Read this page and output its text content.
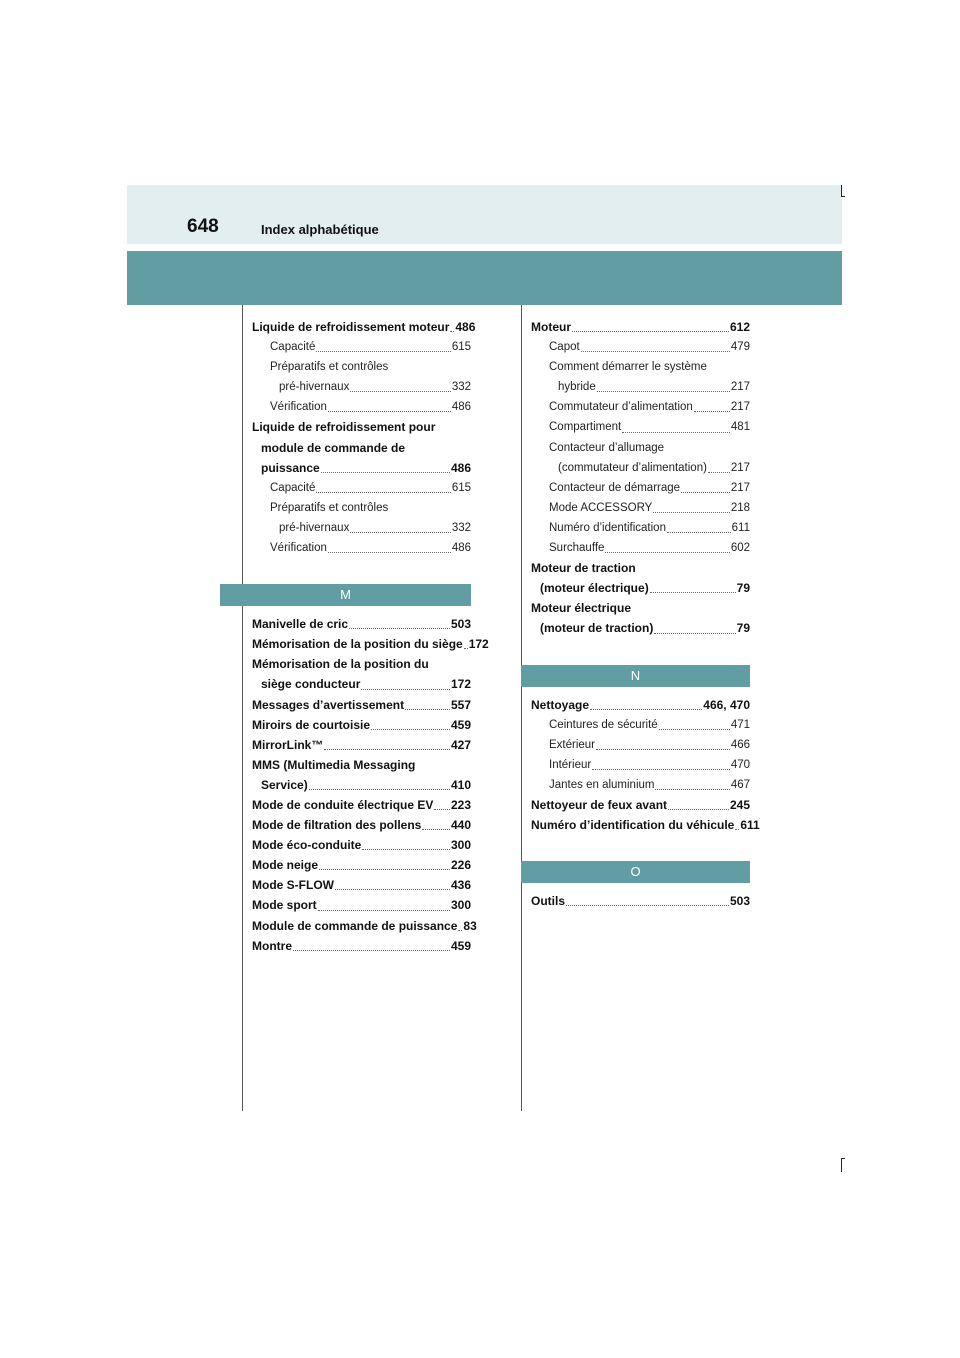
648	Index alphabétique
Liquide de refroidissement moteur 486
Capacité	615
Préparatifs et contrôles
pré-hivernaux	332
Vérification	486
Liquide de refroidissement pour
module de commande de
puissance	486
Capacité	615
Préparatifs et contrôles
pré-hivernaux	332
Vérification	486
M
Manivelle de cric	503
Mémorisation de la position du siège 172
Mémorisation de la position du
siège conducteur	172
Messages d’avertissement	557
Miroirs de courtoisie	459
MirrorLink™	427
MMS (Multimedia Messaging
Service)	410
Mode de conduite électrique EV 223
Mode de filtration des pollens 440
Mode éco-conduite	300
Mode neige	226
Mode S-FLOW	436
Mode sport	300
Module de commande de puissance 83
Montre	459
Moteur	612
Capot	479
Comment démarrer le système
hybride	217
Commutateur d’alimentation	217
Compartiment	481
Contacteur d’allumage
(commutateur d’alimentation) 217
Contacteur de démarrage	217
Mode ACCESSORY	218
Numéro d’identification	611
Surchauffe	602
Moteur de traction
(moteur électrique)	79
Moteur électrique
(moteur de traction)	79
N
Nettoyage	466, 470
Ceintures de sécurité	471
Extérieur	466
Intérieur	470
Jantes en aluminium	467
Nettoyeur de feux avant	245
Numéro d’identification du véhicule 611
O
Outils	503
